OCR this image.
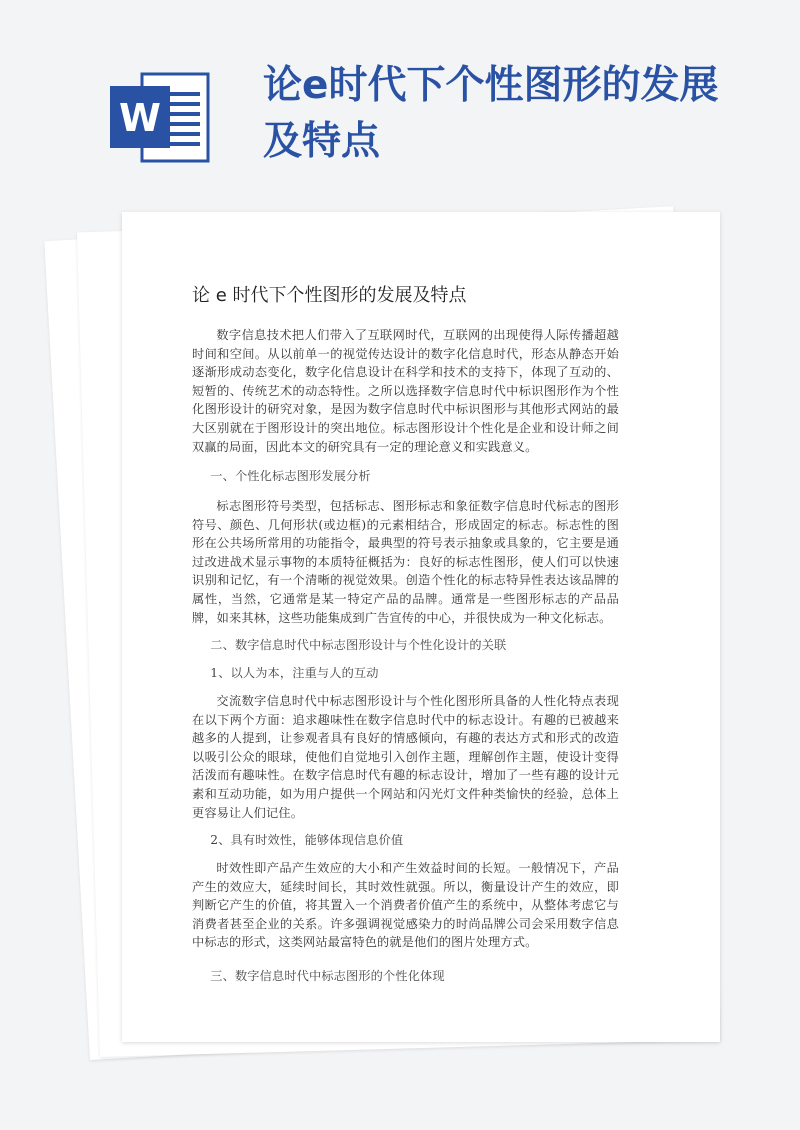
W
论e时代下个性图形的发展及特点
论 e 时代下个性图形的发展及特点

数字信息技术把人们带入了互联网时代，互联网的出现使得人际传播超越时间和空间。从以前单一的视觉传达设计的数字化信息时代，形态从静态开始逐渐形成动态变化，数字化信息设计在科学和技术的支持下，体现了互动的、短暂的、传统艺术的动态特性。之所以选择数字信息时代中标识图形作为个性化图形设计的研究对象，是因为数字信息时代中标识图形与其他形式网站的最大区别就在于图形设计的突出地位。标志图形设计个性化是企业和设计师之间双赢的局面，因此本文的研究具有一定的理论意义和实践意义。

一、个性化标志图形发展分析

标志图形符号类型，包括标志、图形标志和象征数字信息时代标志的图形符号、颜色、几何形状(或边框)的元素相结合，形成固定的标志。标志性的图形在公共场所常用的功能指令，最典型的符号表示抽象或具象的，它主要是通过改进战术显示事物的本质特征概括为：良好的标志性图形，使人们可以快速识别和记忆，有一个清晰的视觉效果。创造个性化的标志特异性表达该品牌的属性，当然，它通常是某一特定产品的品牌。通常是一些图形标志的产品品牌，如来其林，这些功能集成到广告宣传的中心，并很快成为一种文化标志。

二、数字信息时代中标志图形设计与个性化设计的关联

1、以人为本，注重与人的互动

交流数字信息时代中标志图形设计与个性化图形所具备的人性化特点表现在以下两个方面：追求趣味性在数字信息时代中的标志设计。有趣的已被越来越多的人提到，让参观者具有良好的情感倾向，有趣的表达方式和形式的改造以吸引公众的眼球，使他们自觉地引入创作主题，理解创作主题，使设计变得活泼而有趣味性。在数字信息时代有趣的标志设计，增加了一些有趣的设计元素和互动功能，如为用户提供一个网站和闪光灯文件种类愉快的经验，总体上更容易让人们记住。

2、具有时效性，能够体现信息价值

时效性即产品产生效应的大小和产生效益时间的长短。一般情况下，产品产生的效应大，延续时间长，其时效性就强。所以，衡量设计产生的效应，即判断它产生的价值，将其置入一个消费者价值产生的系统中，从整体考虑它与消费者甚至企业的关系。许多强调视觉感染力的时尚品牌公司会采用数字信息中标志的形式，这类网站最富特色的就是他们的图片处理方式。

三、数字信息时代中标志图形的个性化体现
